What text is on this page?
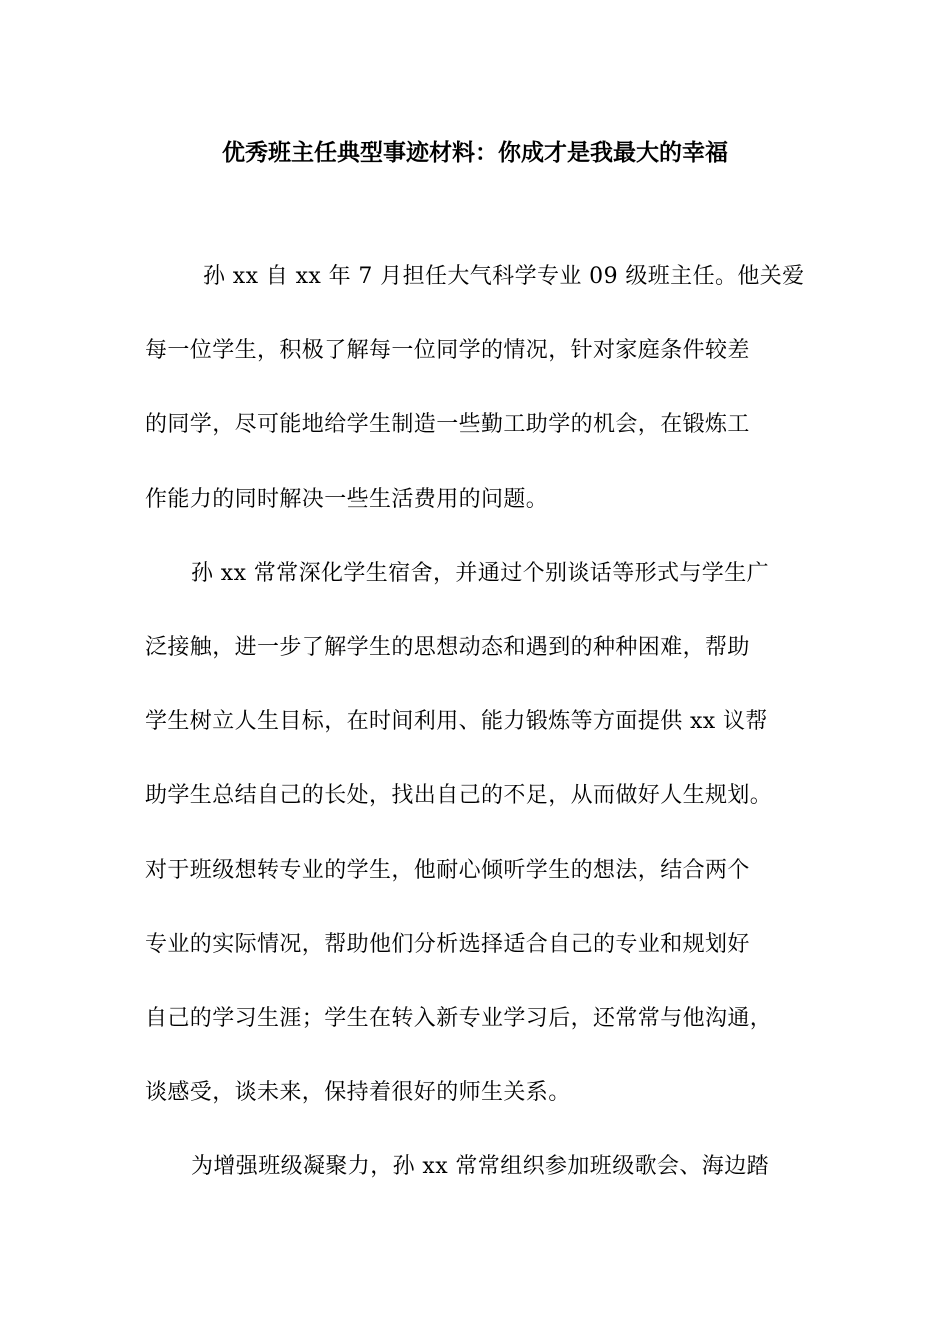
优秀班主任典型事迹材料：你成才是我最大的幸福
孙 xx 自 xx 年 7 月担任大气科学专业 09 级班主任。他关爱
每一位学生，积极了解每一位同学的情况，针对家庭条件较差
的同学，尽可能地给学生制造一些勤工助学的机会，在锻炼工
作能力的同时解决一些生活费用的问题。
孙 xx 常常深化学生宿舍，并通过个别谈话等形式与学生广
泛接触，进一步了解学生的思想动态和遇到的种种困难，帮助
学生树立人生目标，在时间利用、能力锻炼等方面提供 xx 议帮
助学生总结自己的长处，找出自己的不足，从而做好人生规划。
对于班级想转专业的学生，他耐心倾听学生的想法，结合两个
专业的实际情况，帮助他们分析选择适合自己的专业和规划好
自己的学习生涯；学生在转入新专业学习后，还常常与他沟通，
谈感受，谈未来，保持着很好的师生关系。
为增强班级凝聚力，孙 xx 常常组织参加班级歌会、海边踏
